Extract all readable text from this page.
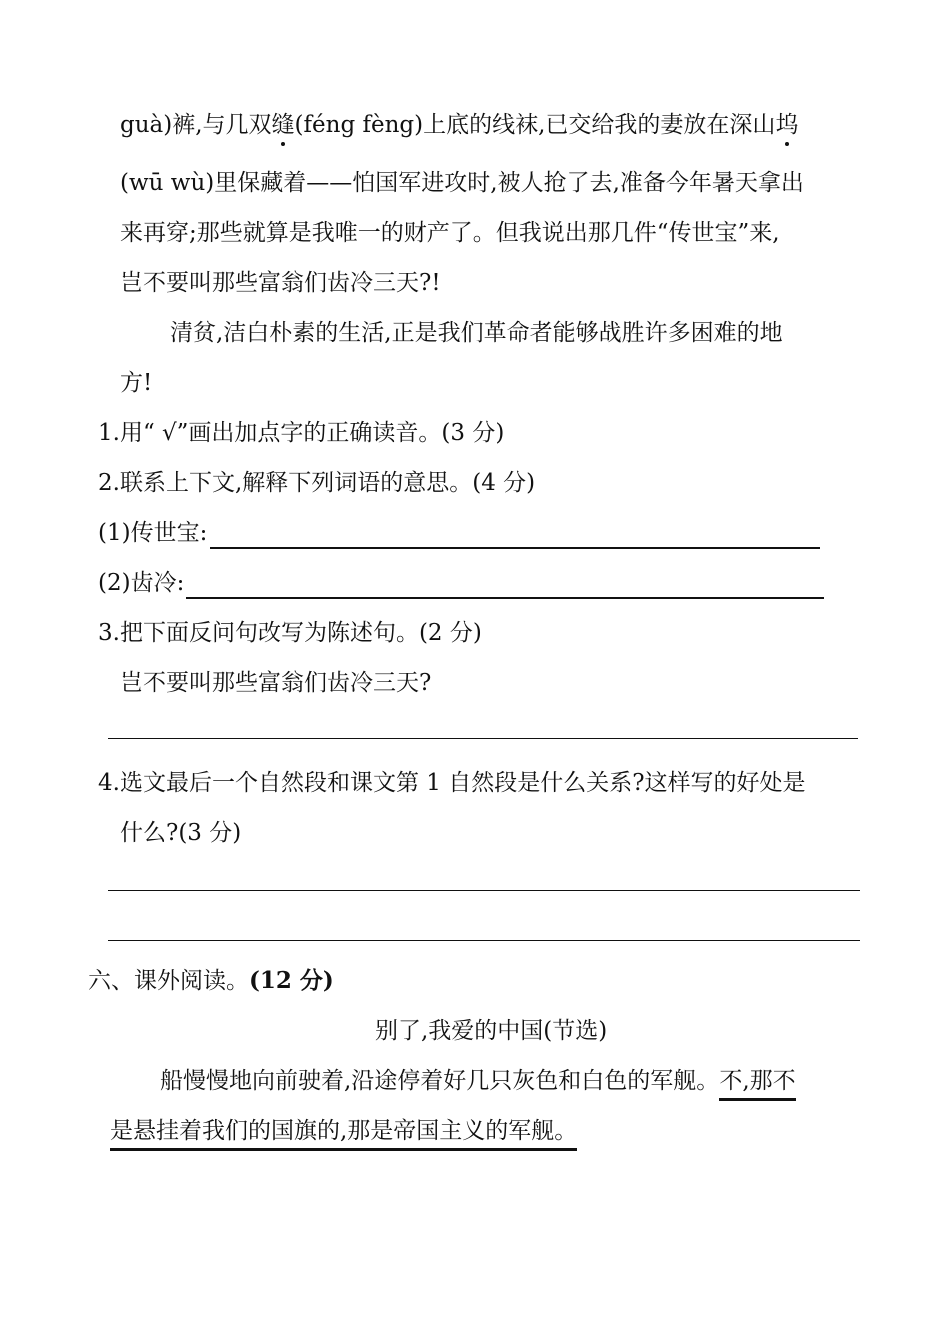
guà)裤,与几双缝(féng fèng)上底的线袜,已交给我的妻放在深山坞
(wū wù)里保藏着——怕国军进攻时,被人抢了去,准备今年暑天拿出
来再穿;那些就算是我唯一的财产了。但我说出那几件“传世宝”来,
岂不要叫那些富翁们齿冷三天?!
清贫,洁白朴素的生活,正是我们革命者能够战胜许多困难的地
方!
1.用“ √”画出加点字的正确读音。(3 分)
2.联系上下文,解释下列词语的意思。(4 分)
(1)传世宝:
(2)齿冷:
3.把下面反问句改写为陈述句。(2 分)
岂不要叫那些富翁们齿冷三天?
4.选文最后一个自然段和课文第 1 自然段是什么关系?这样写的好处是
什么?(3 分)
六、课外阅读。(12 分)
别了,我爱的中国(节选)
船慢慢地向前驶着,沿途停着好几只灰色和白色的军舰。不,那不
是悬挂着我们的国旗的,那是帝国主义的军舰。
